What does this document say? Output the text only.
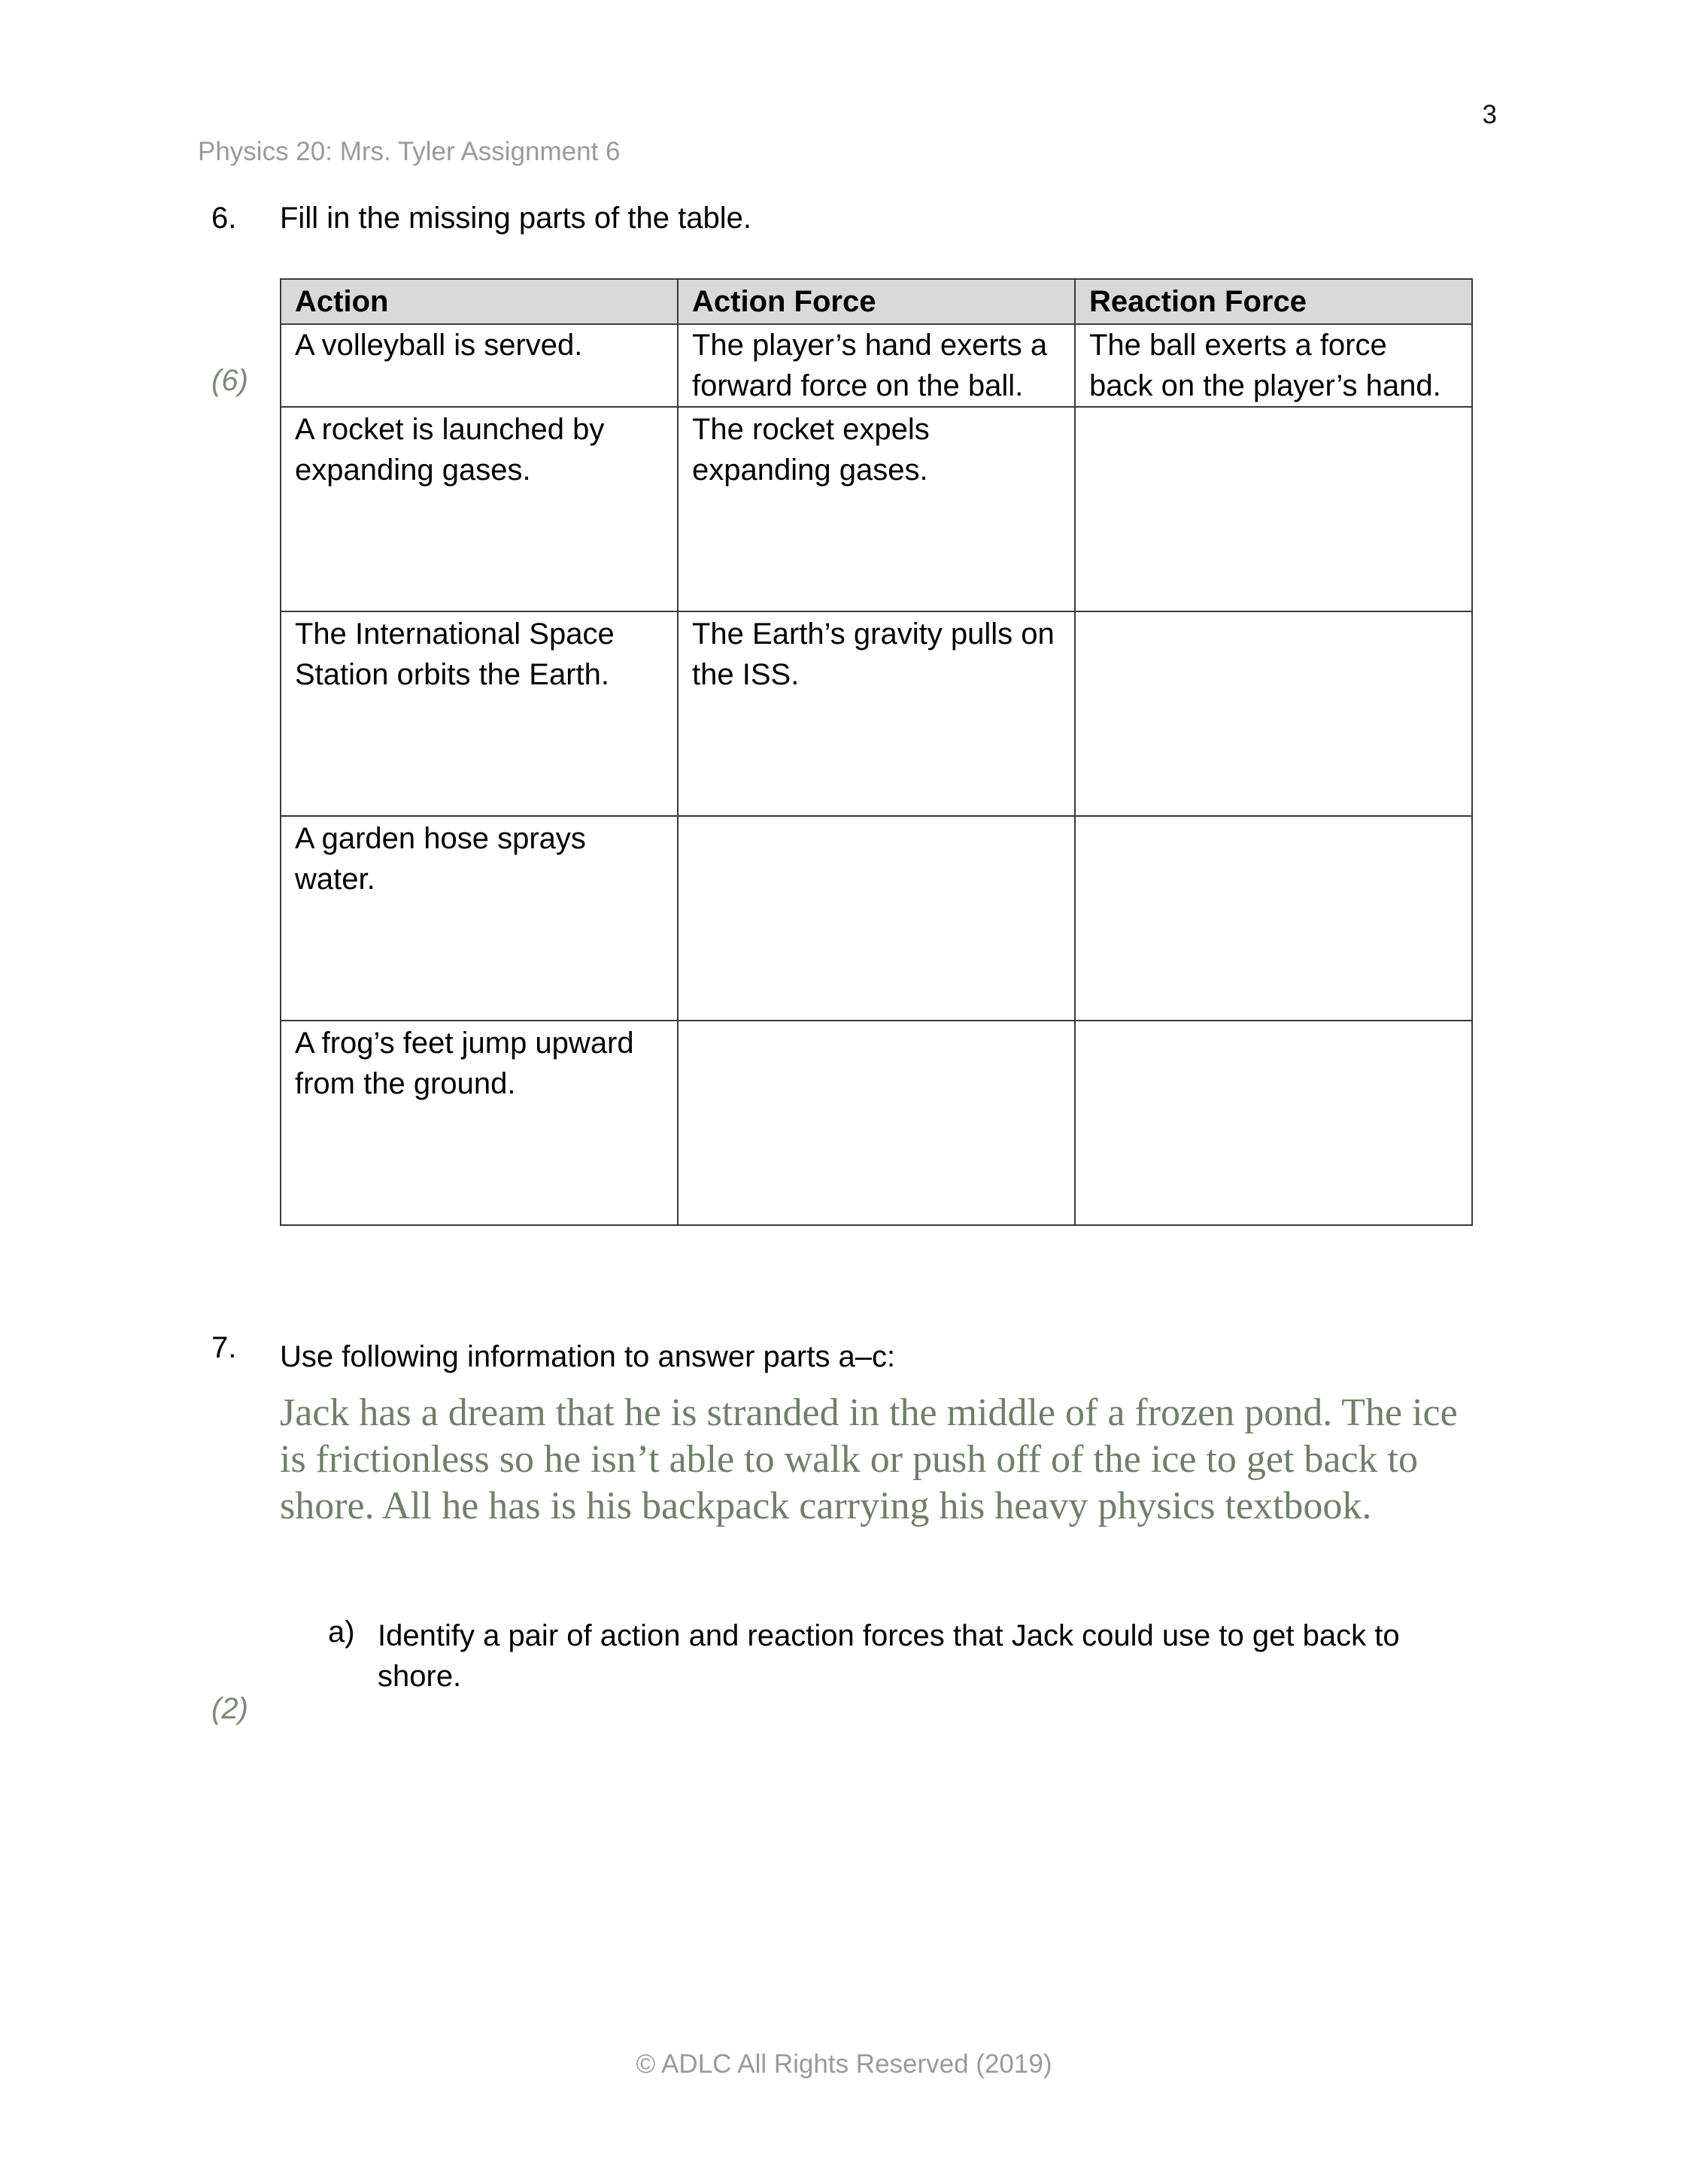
3
Physics 20: Mrs. Tyler Assignment 6
6. Fill in the missing parts of the table.
(6)
Action	Action Force	Reaction Force
A volleyball is served.	The player’s hand exerts a forward force on the ball.	The ball exerts a force back on the player’s hand.
A rocket is launched by expanding gases.	The rocket expels expanding gases.	
The International Space Station orbits the Earth.	The Earth’s gravity pulls on the ISS.	
A garden hose sprays water.		
A frog’s feet jump upward from the ground.		
7. Use following information to answer parts a–c:
Jack has a dream that he is stranded in the middle of a frozen pond. The ice is frictionless so he isn’t able to walk or push off of the ice to get back to shore. All he has is his backpack carrying his heavy physics textbook.
a) Identify a pair of action and reaction forces that Jack could use to get back to shore.
(2)
© ADLC All Rights Reserved (2019)
